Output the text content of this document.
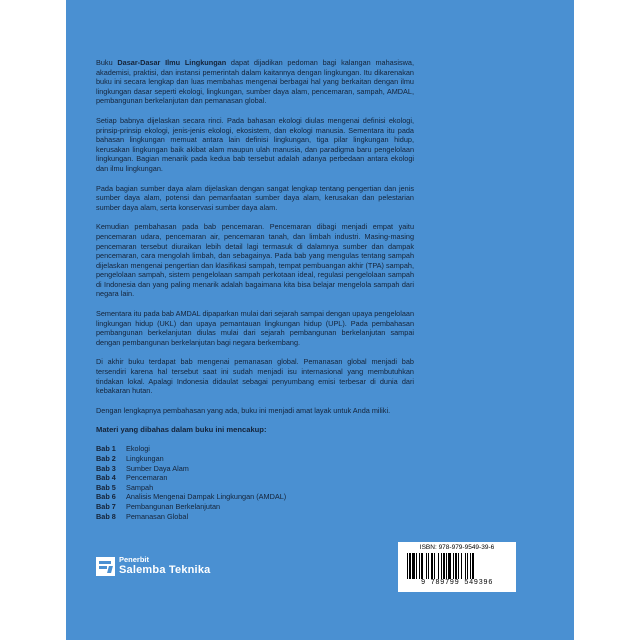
Buku Dasar-Dasar Ilmu Lingkungan dapat dijadikan pedoman bagi kalangan mahasiswa, akademisi, praktisi, dan instansi pemerintah dalam kaitannya dengan lingkungan. Itu dikarenakan buku ini secara lengkap dan luas membahas mengenai berbagai hal yang berkaitan dengan ilmu lingkungan dasar seperti ekologi, lingkungan, sumber daya alam, pencemaran, sampah, AMDAL, pembangunan berkelanjutan dan pemanasan global.

Setiap babnya dijelaskan secara rinci. Pada bahasan ekologi diulas mengenai definisi ekologi, prinsip-prinsip ekologi, jenis-jenis ekologi, ekosistem, dan ekologi manusia. Sementara itu pada bahasan lingkungan memuat antara lain definisi lingkungan, tiga pilar lingkungan hidup, kerusakan lingkungan baik akibat alam maupun ulah manusia, dan paradigma baru pengelolaan lingkungan. Bagian menarik pada kedua bab tersebut adalah adanya perbedaan antara ekologi dan ilmu lingkungan.

Pada bagian sumber daya alam dijelaskan dengan sangat lengkap tentang pengertian dan jenis sumber daya alam, potensi dan pemanfaatan sumber daya alam, kerusakan dan pelestarian sumber daya alam, serta konservasi sumber daya alam.

Kemudian pembahasan pada bab pencemaran. Pencemaran dibagi menjadi empat yaitu pencemaran udara, pencemaran air, pencemaran tanah, dan limbah industri. Masing-masing pencemaran tersebut diuraikan lebih detail lagi termasuk di dalamnya sumber dan dampak pencemaran, cara mengolah limbah, dan sebagainya. Pada bab yang mengulas tentang sampah dijelaskan mengenai pengertian dan klasifikasi sampah, tempat pembuangan akhir (TPA) sampah, pengelolaan sampah, sistem pengelolaan sampah perkotaan ideal, regulasi pengelolaan sampah di Indonesia dan yang paling menarik adalah bagaimana kita bisa belajar mengelola sampah dari negara lain.

Sementara itu pada bab AMDAL dipaparkan mulai dari sejarah sampai dengan upaya pengelolaan lingkungan hidup (UKL) dan upaya pemantauan lingkungan hidup (UPL). Pada pembahasan pembangunan berkelanjutan diulas mulai dari sejarah pembangunan berkelanjutan sampai dengan pembangunan berkelanjutan bagi negara berkembang.

Di akhir buku terdapat bab mengenai pemanasan global. Pemanasan global menjadi bab tersendiri karena hal tersebut saat ini sudah menjadi isu internasional yang membutuhkan tindakan lokal. Apalagi Indonesia didaulat sebagai penyumbang emisi terbesar di dunia dari kebakaran hutan.

Dengan lengkapnya pembahasan yang ada, buku ini menjadi amat layak untuk Anda miliki.

Materi yang dibahas dalam buku ini mencakup:
Bab 1 Ekologi
Bab 2 Lingkungan
Bab 3 Sumber Daya Alam
Bab 4 Pencemaran
Bab 5 Sampah
Bab 6 Analisis Mengenai Dampak Lingkungan (AMDAL)
Bab 7 Pembangunan Berkelanjutan
Bab 8 Pemanasan Global
Penerbit
Salemba Teknika
ISBN: 978-979-9549-39-6
9 789799 549396
